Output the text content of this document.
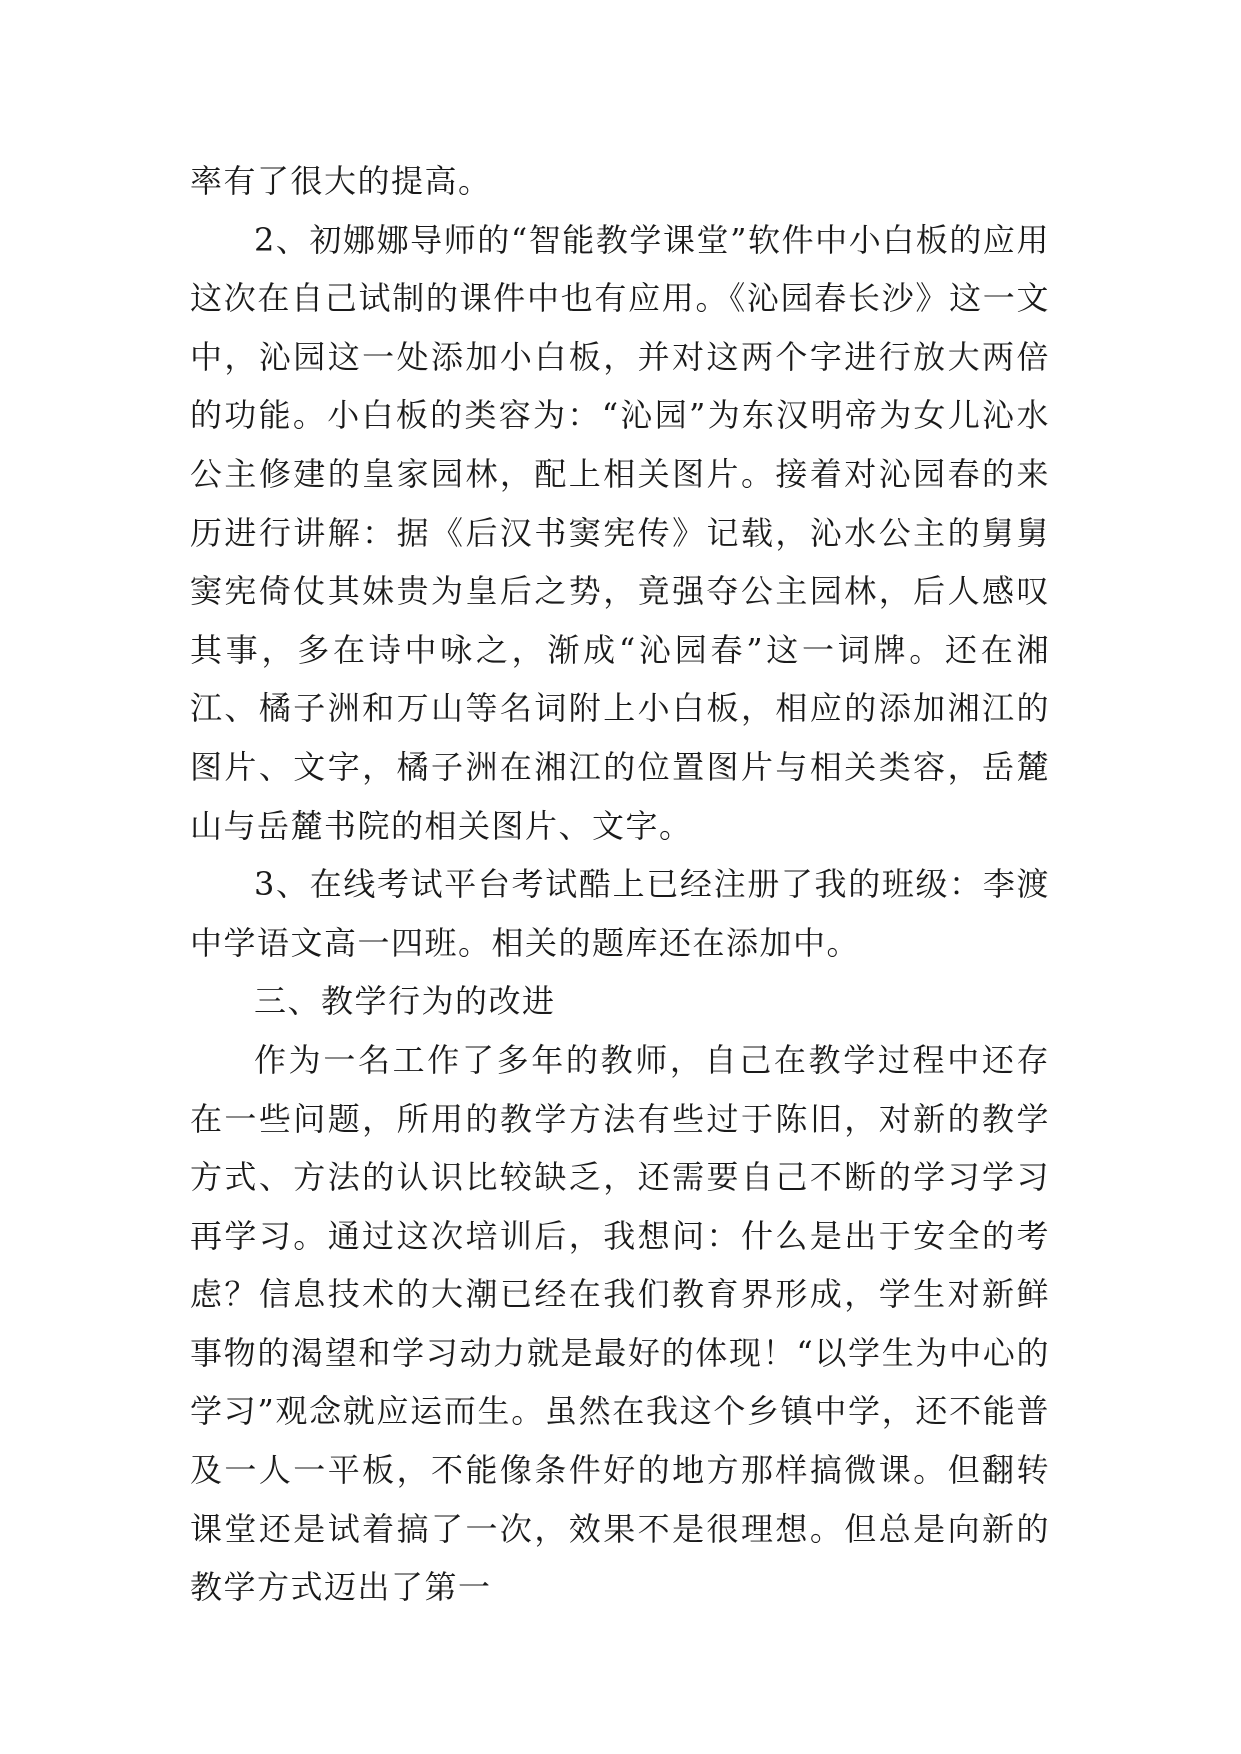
率有了很大的提高。

2、初娜娜导师的“智能教学课堂”软件中小白板的应用这次在自己试制的课件中也有应用。《沁园春长沙》这一文中，沁园这一处添加小白板，并对这两个字进行放大两倍的功能。小白板的类容为：“沁园”为东汉明帝为女儿沁水公主修建的皇家园林，配上相关图片。接着对沁园春的来历进行讲解：据《后汉书窦宪传》记载，沁水公主的舅舅窦宪倚仗其妹贵为皇后之势，竟强夺公主园林，后人感叹其事，多在诗中咏之，渐成“沁园春”这一词牌。还在湘江、橘子洲和万山等名词附上小白板，相应的添加湘江的图片、文字，橘子洲在湘江的位置图片与相关类容，岳麓山与岳麓书院的相关图片、文字。

3、在线考试平台考试酷上已经注册了我的班级：李渡中学语文高一四班。相关的题库还在添加中。

三、教学行为的改进

作为一名工作了多年的教师，自己在教学过程中还存在一些问题，所用的教学方法有些过于陈旧，对新的教学方式、方法的认识比较缺乏，还需要自己不断的学习学习再学习。通过这次培训后，我想问：什么是出于安全的考虑？信息技术的大潮已经在我们教育界形成，学生对新鲜事物的渴望和学习动力就是最好的体现！“以学生为中心的学习”观念就应运而生。虽然在我这个乡镇中学，还不能普及一人一平板，不能像条件好的地方那样搞微课。但翻转课堂还是试着搞了一次，效果不是很理想。但总是向新的教学方式迈出了第一
